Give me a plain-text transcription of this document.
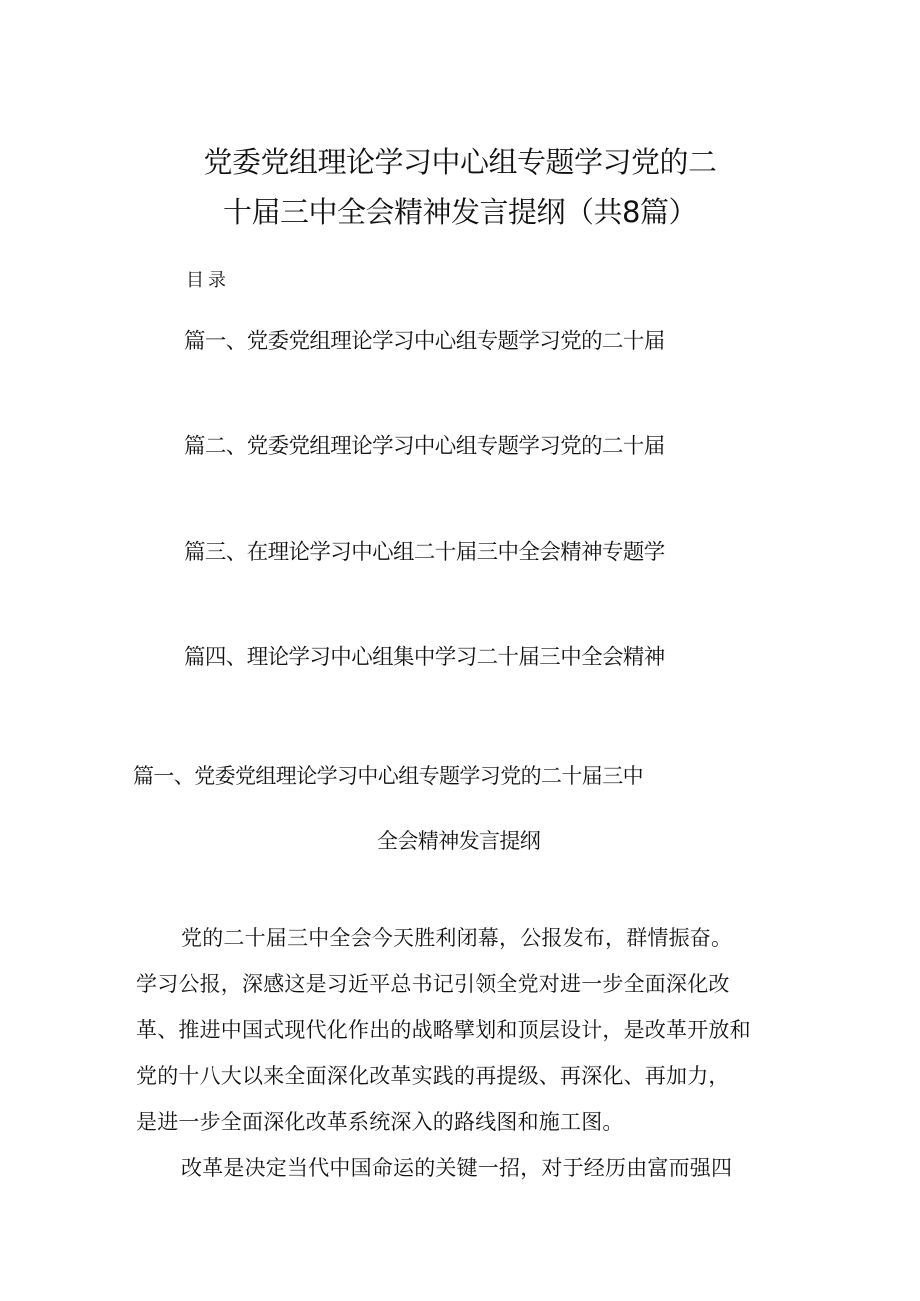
党委党组理论学习中心组专题学习党的二
十届三中全会精神发言提纲（共8篇）
目录
篇一、党委党组理论学习中心组专题学习党的二十届
篇二、党委党组理论学习中心组专题学习党的二十届
篇三、在理论学习中心组二十届三中全会精神专题学
篇四、理论学习中心组集中学习二十届三中全会精神
篇一、党委党组理论学习中心组专题学习党的二十届三中
全会精神发言提纲
党的二十届三中全会今天胜利闭幕，公报发布，群情振奋。
学习公报，深感这是习近平总书记引领全党对进一步全面深化改
革、推进中国式现代化作出的战略擘划和顶层设计，是改革开放和
党的十八大以来全面深化改革实践的再提级、再深化、再加力，
是进一步全面深化改革系统深入的路线图和施工图。
改革是决定当代中国命运的关键一招，对于经历由富而强四
